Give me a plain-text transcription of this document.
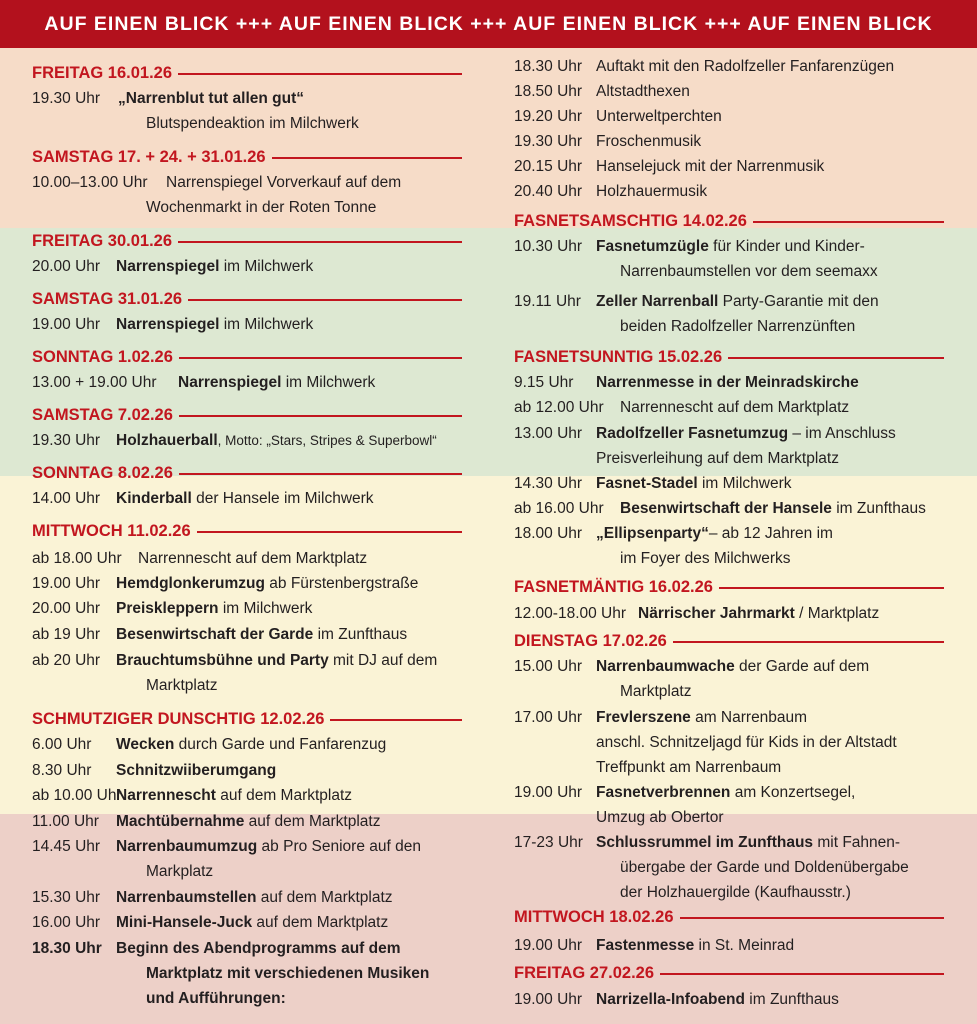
AUF EINEN BLICK +++ AUF EINEN BLICK +++ AUF EINEN BLICK +++ AUF EINEN BLICK
FREITAG 16.01.26
19.30 Uhr „Narrenblut tut allen gut“
Blutspendeaktion im Milchwerk
SAMSTAG 17. + 24. + 31.01.26
10.00–13.00 Uhr Narrenspiegel Vorverkauf auf dem
Wochenmarkt in der Roten Tonne
FREITAG 30.01.26
20.00 Uhr Narrenspiegel im Milchwerk
SAMSTAG 31.01.26
19.00 Uhr Narrenspiegel im Milchwerk
SONNTAG 1.02.26
13.00 + 19.00 Uhr Narrenspiegel im Milchwerk
SAMSTAG 7.02.26
19.30 Uhr Holzhauerball, Motto: „Stars, Stripes & Superbowl“
SONNTAG 8.02.26
14.00 Uhr Kinderball der Hansele im Milchwerk
MITTWOCH 11.02.26
ab 18.00 Uhr Narrennescht auf dem Marktplatz
19.00 Uhr Hemdglonkerumzug ab Fürstenbergstraße
20.00 Uhr Preiskleppern im Milchwerk
ab 19 Uhr Besenwirtschaft der Garde im Zunfthaus
ab 20 Uhr Brauchtumsbühne und Party mit DJ auf dem
Marktplatz
SCHMUTZIGER DUNSCHTIG 12.02.26
6.00 Uhr Wecken durch Garde und Fanfarenzug
8.30 Uhr Schnitzwiiberumgang
ab 10.00 UhrNarrennescht auf dem Marktplatz
11.00 Uhr Machtübernahme auf dem Marktplatz
14.45 Uhr Narrenbaumumzug ab Pro Seniore auf den
Markplatz
15.30 Uhr Narrenbaumstellen auf dem Marktplatz
16.00 Uhr Mini-Hansele-Juck auf dem Marktplatz
18.30 Uhr Beginn des Abendprogramms auf dem
Marktplatz mit verschiedenen Musiken
und Aufführungen:
18.30 Uhr Auftakt mit den Radolfzeller Fanfarenzügen
18.50 Uhr Altstadthexen
19.20 Uhr Unterweltperchten
19.30 Uhr Froschenmusik
20.15 Uhr Hanselejuck mit der Narrenmusik
20.40 Uhr Holzhauermusik
FASNETSAMSCHTIG 14.02.26
10.30 Uhr Fasnetumzügle für Kinder und Kinder-
Narrenbaumstellen vor dem seemaxx
19.11 Uhr Zeller Narrenball Party-Garantie mit den
beiden Radolfzeller Narrenzünften
FASNETSUNNTIG 15.02.26
9.15 Uhr Narrenmesse in der Meinradskirche
ab 12.00 Uhr Narrennescht auf dem Marktplatz
13.00 Uhr Radolfzeller Fasnetumzug – im Anschluss
Preisverleihung auf dem Marktplatz
14.30 Uhr Fasnet-Stadel im Milchwerk
ab 16.00 Uhr Besenwirtschaft der Hansele im Zunfthaus
18.00 Uhr „Ellipsenparty“– ab 12 Jahren im
im Foyer des Milchwerks
FASNETMÄNTIG 16.02.26
12.00-18.00 Uhr Närrischer Jahrmarkt / Marktplatz
DIENSTAG 17.02.26
15.00 Uhr Narrenbaumwache der Garde auf dem
Marktplatz
17.00 Uhr Frevlerszene am Narrenbaum
anschl. Schnitzeljagd für Kids in der Altstadt
Treffpunkt am Narrenbaum
19.00 Uhr Fasnetverbrennen am Konzertsegel,
Umzug ab Obertor
17-23 Uhr Schlussrummel im Zunfthaus mit Fahnen-
übergabe der Garde und Doldenübergabe
der Holzhauergilde (Kaufhausstr.)
MITTWOCH 18.02.26
19.00 Uhr Fastenmesse in St. Meinrad
FREITAG 27.02.26
19.00 Uhr Narrizella-Infoabend im Zunfthaus
